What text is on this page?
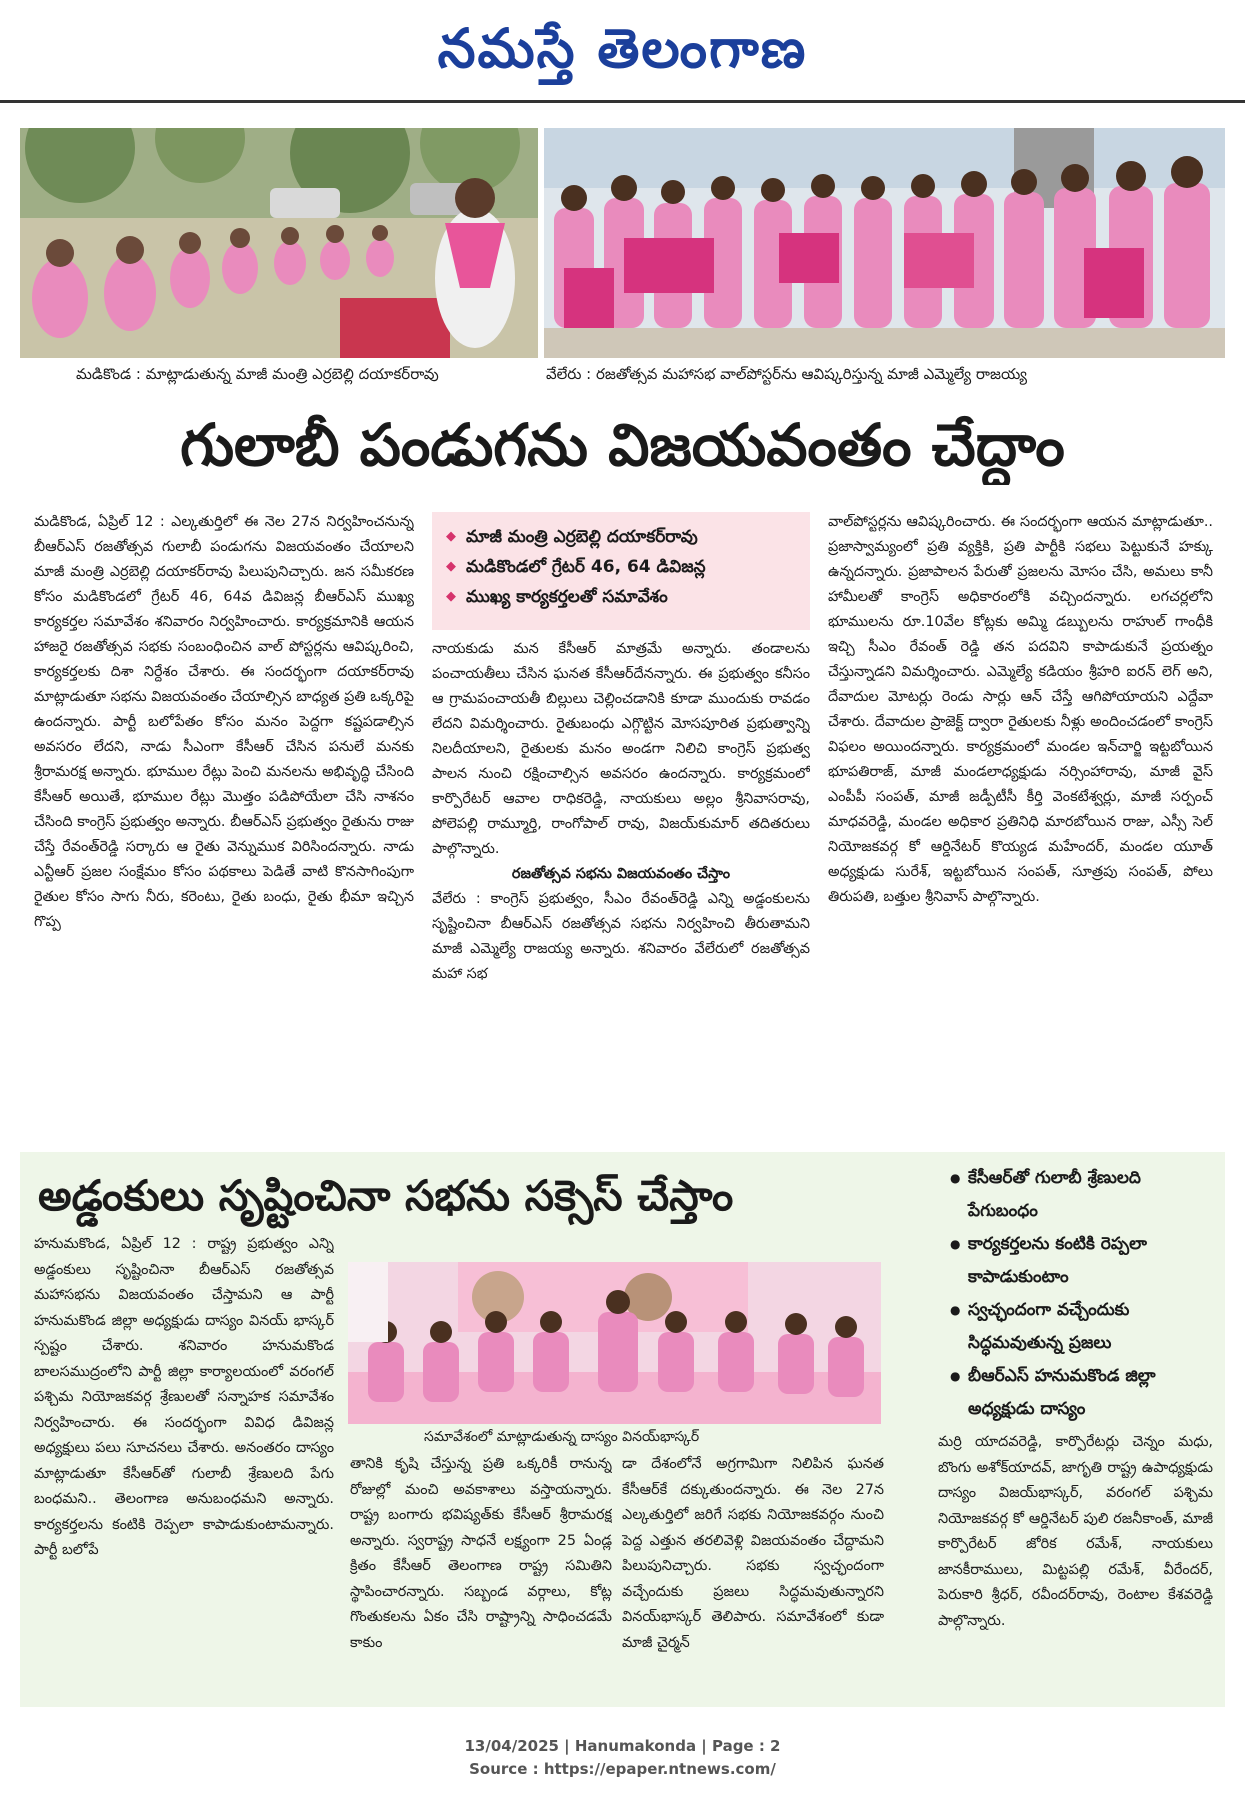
నమస్తే తెలంగాణ
మడికొండ : మాట్లాడుతున్న మాజీ మంత్రి ఎర్రబెల్లి దయాకర్‌రావు	వేలేరు : రజతోత్సవ మహాసభ వాల్‌పోస్టర్‌ను ఆవిష్కరిస్తున్న మాజీ ఎమ్మెల్యే రాజయ్య
గులాబీ పండుగను విజయవంతం చేద్దాం

మడికొండ, ఏప్రిల్ 12 : ఎల్కతుర్తిలో ఈ నెల 27న నిర్వహించనున్న బీఆర్‌ఎస్ రజతోత్సవ గులాబీ పండుగను విజయవంతం చేయాలని మాజీ మంత్రి ఎర్రబెల్లి దయాకర్‌రావు పిలుపునిచ్చారు. జన సమీకరణ కోసం మడికొండలో గ్రేటర్ 46, 64వ డివిజన్ల బీఆర్‌ఎస్ ముఖ్య కార్యకర్తల సమావేశం శనివారం నిర్వహించారు. కార్యక్రమానికి ఆయన హాజరై రజతోత్సవ సభకు సంబంధించిన వాల్ పోస్టర్లను ఆవిష్కరించి, కార్యకర్తలకు దిశా నిర్దేశం చేశారు. ఈ సందర్భంగా దయాకర్‌రావు మాట్లాడుతూ సభను విజయవంతం చేయాల్సిన బాధ్యత ప్రతి ఒక్కరిపై ఉందన్నారు. పార్టీ బలోపేతం కోసం మనం పెద్దగా కష్టపడాల్సిన అవసరం లేదని, నాడు సీఎంగా కేసీఆర్ చేసిన పనులే మనకు శ్రీరామరక్ష అన్నారు. భూముల రేట్లు పెంచి మనలను అభివృద్ధి చేసింది కేసీఆర్ అయితే, భూముల రేట్లు మొత్తం పడిపోయేలా చేసి నాశనం చేసింది కాంగ్రెస్ ప్రభుత్వం అన్నారు. బీఆర్‌ఎస్ ప్రభుత్వం రైతును రాజు చేస్తే రేవంత్‌రెడ్డి సర్కారు ఆ రైతు వెన్నుముక విరిసిందన్నారు. నాడు ఎన్టీఆర్ ప్రజల సంక్షేమం కోసం పథకాలు పెడితే వాటి కొనసాగింపుగా రైతుల కోసం సాగు నీరు, కరెంటు, రైతు బంధు, రైతు భీమా ఇచ్చిన గొప్ప

◆ మాజీ మంత్రి ఎర్రబెల్లి దయాకర్‌రావు
◆ మడికొండలో గ్రేటర్ 46, 64 డివిజన్ల
◆ ముఖ్య కార్యకర్తలతో సమావేశం

నాయకుడు మన కేసీఆర్ మాత్రమే అన్నారు. తండాలను పంచాయతీలు చేసిన ఘనత కేసీఆర్‌దేనన్నారు. ఈ ప్రభుత్వం కనీసం ఆ గ్రామపంచాయతీ బిల్లులు చెల్లించడానికి కూడా ముందుకు రావడం లేదని విమర్శించారు. రైతుబంధు ఎగ్గొట్టిన మోసపూరిత ప్రభుత్వాన్ని నిలదీయాలని, రైతులకు మనం అండగా నిలిచి కాంగ్రెస్ ప్రభుత్వ పాలన నుంచి రక్షించాల్సిన అవసరం ఉందన్నారు. కార్యక్రమంలో కార్పొరేటర్ ఆవాల రాధికరెడ్డి, నాయకులు అల్లం శ్రీనివాసరావు, పోలెపల్లి రామ్మూర్తి, రాంగోపాల్ రావు, విజయ్‌కుమార్ తదితరులు పాల్గొన్నారు.

రజతోత్సవ సభను విజయవంతం చేస్తాం

వేలేరు : కాంగ్రెస్ ప్రభుత్వం, సీఎం రేవంత్‌రెడ్డి ఎన్ని అడ్డంకులను సృష్టించినా బీఆర్‌ఎస్ రజతోత్సవ సభను నిర్వహించి తీరుతామని మాజీ ఎమ్మెల్యే రాజయ్య అన్నారు. శనివారం వేలేరులో రజతోత్సవ మహా సభ

వాల్‌పోస్టర్లను ఆవిష్కరించారు. ఈ సందర్భంగా ఆయన మాట్లాడుతూ.. ప్రజాస్వామ్యంలో ప్రతి వ్యక్తికి, ప్రతి పార్టీకి సభలు పెట్టుకునే హక్కు ఉన్నదన్నారు. ప్రజాపాలన పేరుతో ప్రజలను మోసం చేసి, అమలు కానీ హామీలతో కాంగ్రెస్ అధికారంలోకి వచ్చిందన్నారు. లగచర్లలోని భూములను రూ.10వేల కోట్లకు అమ్మి డబ్బులను రాహుల్ గాంధీకి ఇచ్చి సీఎం రేవంత్ రెడ్డి తన పదవిని కాపాడుకునే ప్రయత్నం చేస్తున్నాడని విమర్శించారు. ఎమ్మెల్యే కడియం శ్రీహరి ఐరన్ లెగ్ అని, దేవాదుల మోటర్లు రెండు సార్లు ఆన్ చేస్తే ఆగిపోయాయని ఎద్దేవా చేశారు. దేవాదుల ప్రాజెక్ట్ ద్వారా రైతులకు నీళ్లు అందించడంలో కాంగ్రెస్ విఫలం అయిందన్నారు. కార్యక్రమంలో మండల ఇన్‌చార్జి ఇట్టబోయిన భూపతిరాజ్, మాజీ మండలాధ్యక్షుడు నర్సింహారావు, మాజీ వైస్ ఎంపీపీ సంపత్, మాజీ జడ్పీటీసీ కీర్తి వెంకటేశ్వర్లు, మాజీ సర్పంచ్ మాధవరెడ్డి, మండల అధికార ప్రతినిధి మారబోయిన రాజు, ఎస్సీ సెల్ నియోజకవర్గ కో ఆర్డినేటర్ కొయ్యడ మహేందర్, మండల యూత్ అధ్యక్షుడు సురేశ్, ఇట్టబోయిన సంపత్, సూత్రపు సంపత్, పోలు తిరుపతి, బత్తుల శ్రీనివాస్ పాల్గొన్నారు.

అడ్డంకులు సృష్టించినా సభను సక్సెస్ చేస్తాం
●	కేసీఆర్‌తో గులాబీ శ్రేణులది పేగుబంధం
● కార్యకర్తలను కంటికి రెప్పలా కాపాడుకుంటాం
● స్వచ్ఛందంగా వచ్చేందుకు సిద్ధమవుతున్న ప్రజలు
● బీఆర్‌ఎస్ హనుమకొండ జిల్లా అధ్యక్షుడు దాస్యం
సమావేశంలో మాట్లాడుతున్న దాస్యం వినయ్‌భాస్కర్

హనుమకొండ, ఏప్రిల్ 12 : రాష్ట్ర ప్రభుత్వం ఎన్ని అడ్డంకులు సృష్టించినా బీఆర్‌ఎస్ రజతోత్సవ మహాసభను విజయవంతం చేస్తామని ఆ పార్టీ హనుమకొండ జిల్లా అధ్యక్షుడు దాస్యం వినయ్ భాస్కర్ స్పష్టం చేశారు. శనివారం హనుమకొండ బాలసముద్రంలోని పార్టీ జిల్లా కార్యాలయంలో వరంగల్ పశ్చిమ నియోజకవర్గ శ్రేణులతో సన్నాహక సమావేశం నిర్వహించారు. ఈ సందర్భంగా వివిధ డివిజన్ల అధ్యక్షులు పలు సూచనలు చేశారు. అనంతరం దాస్యం మాట్లాడుతూ కేసీఆర్‌తో గులాబీ శ్రేణులది పేగు బంధమని.. తెలంగాణ అనుబంధమని అన్నారు. కార్యకర్తలను కంటికి రెప్పలా కాపాడుకుంటామన్నారు. పార్టీ బలోపే

తానికి కృషి చేస్తున్న ప్రతి ఒక్కరికీ రానున్న రోజుల్లో మంచి అవకాశాలు వస్తాయన్నారు. రాష్ట్ర బంగారు భవిష్యత్‌కు కేసీఆర్ శ్రీరామరక్ష అన్నారు. స్వరాష్ట్ర సాధనే లక్ష్యంగా 25 ఏండ్ల క్రితం కేసీఆర్ తెలంగాణ రాష్ట్ర సమితిని స్థాపించారన్నారు. సబ్బండ వర్గాలు, కోట్ల గొంతుకలను ఏకం చేసి రాష్ట్రాన్ని సాధించడమే కాకుం

డా దేశంలోనే అగ్రగామిగా నిలిపిన ఘనత కేసీఆర్‌కే దక్కుతుందన్నారు. ఈ నెల 27న ఎల్కతుర్తిలో జరిగే సభకు నియోజకవర్గం నుంచి పెద్ద ఎత్తున తరలివెళ్లి విజయవంతం చేద్దామని పిలుపునిచ్చారు. సభకు స్వచ్ఛందంగా వచ్చేందుకు ప్రజలు సిద్ధమవుతున్నారని వినయ్‌భాస్కర్ తెలిపారు. సమావేశంలో కుడా మాజీ చైర్మన్

మర్రి యాదవరెడ్డి, కార్పొరేటర్లు చెన్నం మధు, బొంగు అశోక్‌యాదవ్, జాగృతి రాష్ట్ర ఉపాధ్యక్షుడు దాస్యం విజయ్‌భాస్కర్, వరంగల్ పశ్చిమ నియోజకవర్గ కో ఆర్డినేటర్ పులి రజనీకాంత్, మాజీ కార్పొరేటర్ జోరిక రమేశ్, నాయకులు జానకీరాములు, మిట్టపల్లి రమేశ్, వీరేందర్, పెరుకారి శ్రీధర్, రవీందర్‌రావు, రెంటాల కేశవరెడ్డి పాల్గొన్నారు.

13/04/2025 | Hanumakonda | Page : 2
Source : https://epaper.ntnews.com/
